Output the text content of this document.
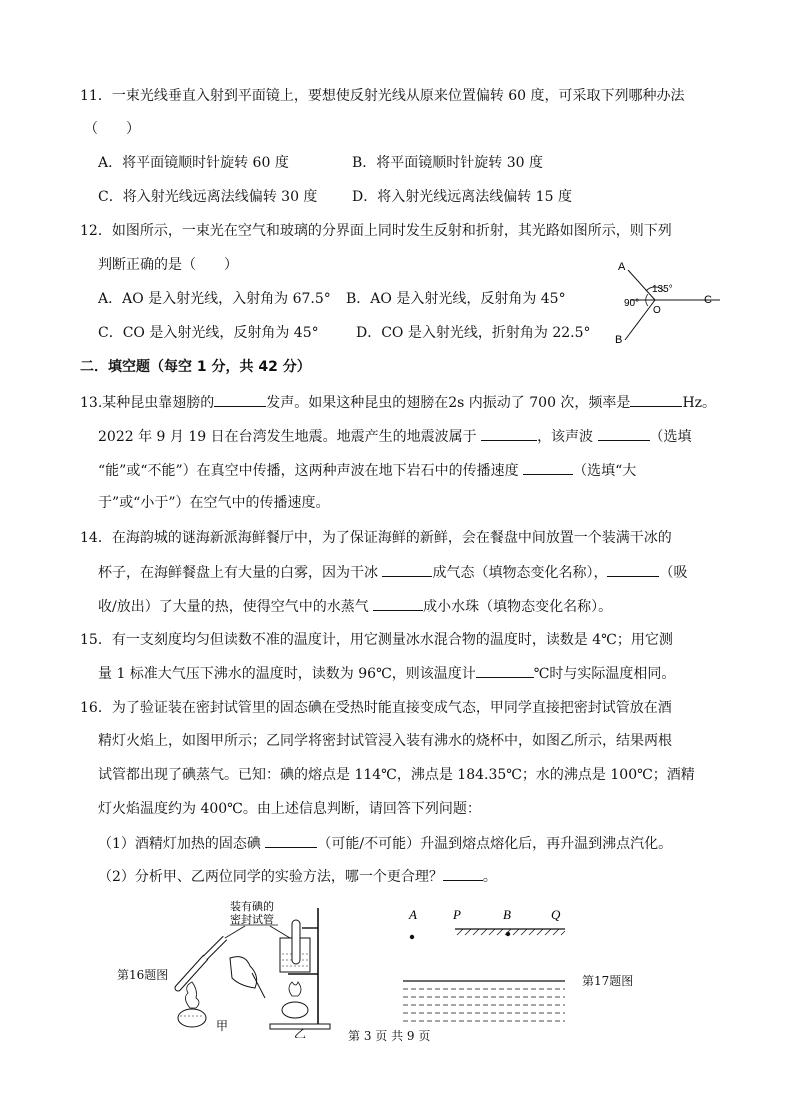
11．一束光线垂直入射到平面镜上，要想使反射光线从原来位置偏转 60 度，可采取下列哪种办法
（　　）
A．将平面镜顺时针旋转 60 度	B．将平面镜顺时针旋转 30 度
C．将入射光线远离法线偏转 30 度 D．将入射光线远离法线偏转 15 度
12．如图所示，一束光在空气和玻璃的分界面上同时发生反射和折射，其光路如图所示，则下列
判断正确的是（　　）
A．AO 是入射光线，入射角为 67.5° B．AO 是入射光线，反射角为 45°
C．CO 是入射光线，反射角为 45°	D．CO 是入射光线，折射角为 22.5°
A
135°
90°
O
C
B
二．填空题（每空 1 分，共 42 分）
13.某种昆虫靠翅膀的	发声。如果这种昆虫的翅膀在2s 内振动了 700 次，频率是	Hz。
2022 年 9 月 19 日在台湾发生地震。地震产生的地震波属于	，该声波	（选填
“能”或“不能”）在真空中传播，这两种声波在地下岩石中的传播速度	（选填“大
于”或“小于”）在空气中的传播速度。
14．在海韵城的谜海新派海鲜餐厅中，为了保证海鲜的新鲜，会在餐盘中间放置一个装满干冰的
杯子，在海鲜餐盘上有大量的白雾，因为干冰	成气态（填物态变化名称），	（吸
收/放出）了大量的热，使得空气中的水蒸气	成小水珠（填物态变化名称）。
15．有一支刻度均匀但读数不准的温度计，用它测量冰水混合物的温度时，读数是 4℃；用它测
量 1 标准大气压下沸水的温度时，读数为 96℃，则该温度计	℃时与实际温度相同。
16．为了验证装在密封试管里的固态碘在受热时能直接变成气态，甲同学直接把密封试管放在酒
精灯火焰上，如图甲所示；乙同学将密封试管浸入装有沸水的烧杯中，如图乙所示，结果两根
试管都出现了碘蒸气。已知：碘的熔点是 114℃，沸点是 184.35℃；水的沸点是 100℃；酒精
灯火焰温度约为 400℃。由上述信息判断，请回答下列问题：
（1）酒精灯加热的固态碘	（可能/不可能）升温到熔点熔化后，再升温到沸点汽化。
（2）分析甲、乙两位同学的实验方法，哪一个更合理？	。
第16题图
装有碘的
密封试管
甲
乙
A	P	B	Q
第17题图
第 3 页 共 9 页
